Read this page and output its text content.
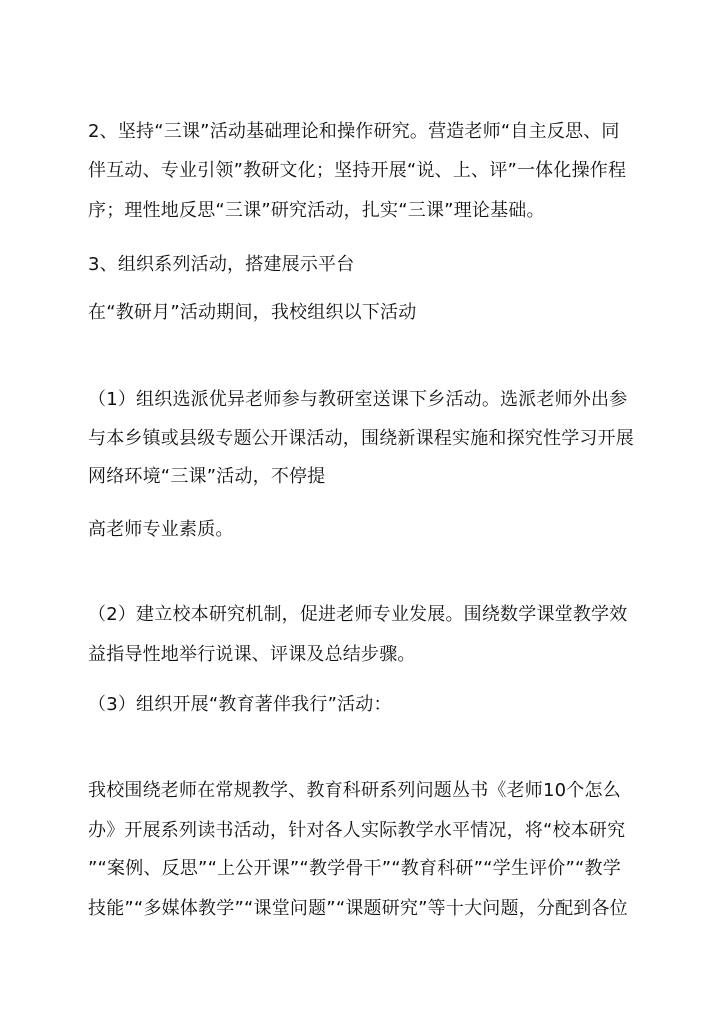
2、坚持“三课”活动基础理论和操作研究。营造老师“自主反思、同
伴互动、专业引领”教研文化；坚持开展“说、上、评”一体化操作程
序；理性地反思“三课”研究活动，扎实“三课”理论基础。
3、组织系列活动，搭建展示平台
在“教研月”活动期间，我校组织以下活动
（1）组织选派优异老师参与教研室送课下乡活动。选派老师外出参
与本乡镇或县级专题公开课活动，围绕新课程实施和探究性学习开展
网络环境“三课”活动，不停提
高老师专业素质。
（2）建立校本研究机制，促进老师专业发展。围绕数学课堂教学效
益指导性地举行说课、评课及总结步骤。
（3）组织开展“教育著伴我行”活动：
我校围绕老师在常规教学、教育科研系列问题丛书《老师10个怎么
办》开展系列读书活动，针对各人实际教学水平情况，将“校本研究
”“案例、反思”“上公开课”“教学骨干”“教育科研”“学生评价”“教学
技能”“多媒体教学”“课堂问题”“课题研究”等十大问题，分配到各位
